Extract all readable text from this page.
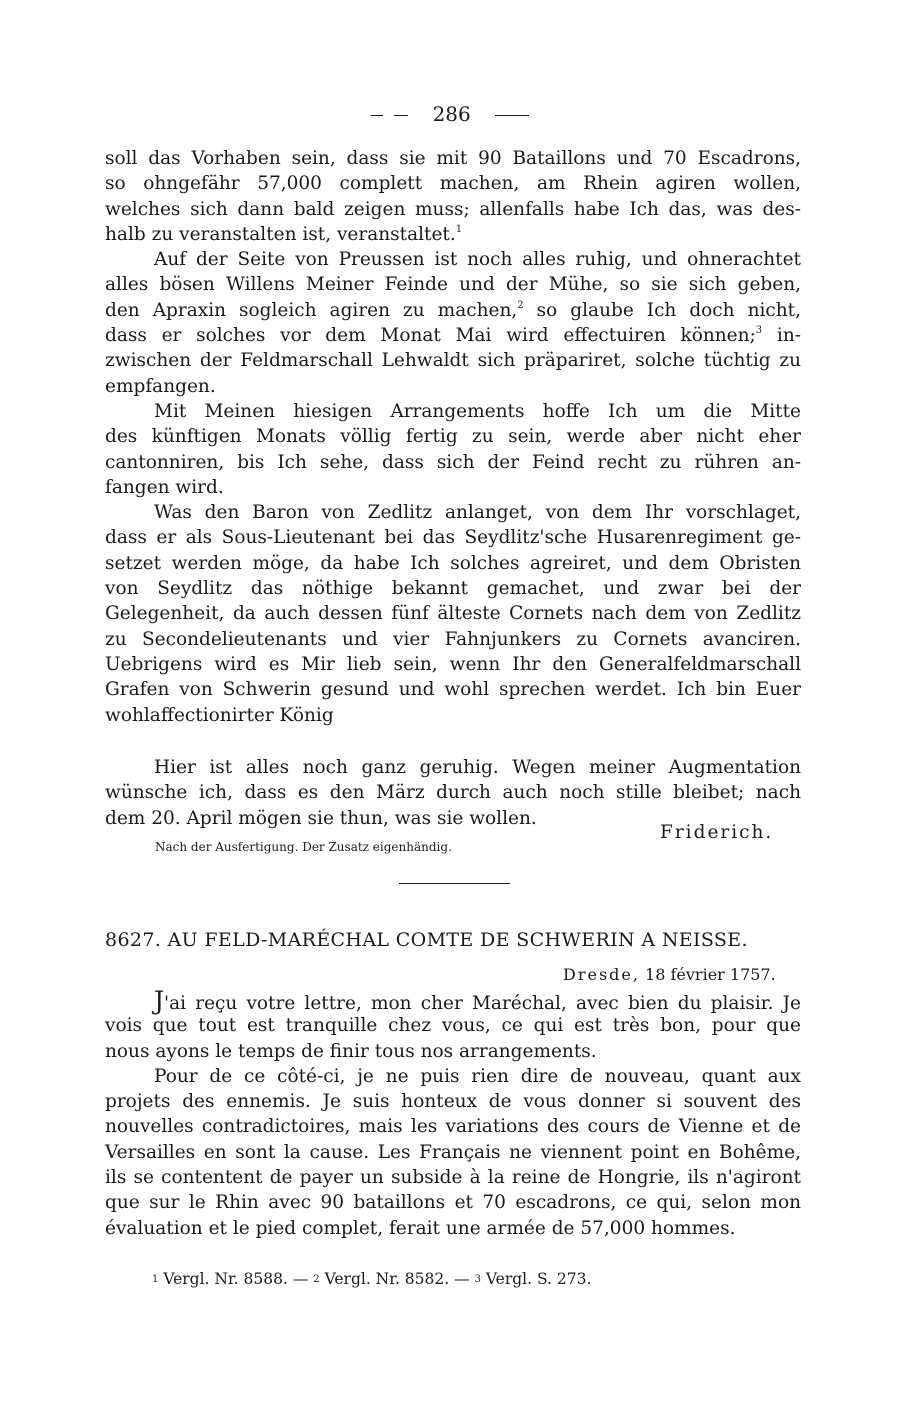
286
soll das Vorhaben sein, dass sie mit 90 Bataillons und 70 Escadrons,
so ohngefähr 57,000 complett machen, am Rhein agiren wollen,
welches sich dann bald zeigen muss; allenfalls habe Ich das, was des-
halb zu veranstalten ist, veranstaltet.$^1$
Auf der Seite von Preussen ist noch alles ruhig, und ohnerachtet
alles bösen Willens Meiner Feinde und der Mühe, so sie sich geben,
den Apraxin sogleich agiren zu machen,$^2$ so glaube Ich doch nicht,
dass er solches vor dem Monat Mai wird effectuiren können;$^3$ in-
zwischen der Feldmarschall Lehwaldt sich präpariret, solche tüchtig zu
empfangen.
Mit Meinen hiesigen Arrangements hoffe Ich um die Mitte
des künftigen Monats völlig fertig zu sein, werde aber nicht eher
cantonniren, bis Ich sehe, dass sich der Feind recht zu rühren an-
fangen wird.
Was den Baron von Zedlitz anlanget, von dem Ihr vorschlaget,
dass er als Sous-Lieutenant bei das Seydlitz'sche Husarenregiment ge-
setzet werden möge, da habe Ich solches agreiret, und dem Obristen
von Seydlitz das nöthige bekannt gemachet, und zwar bei der
Gelegenheit, da auch dessen fünf älteste Cornets nach dem von Zedlitz
zu Secondelieutenants und vier Fahnjunkers zu Cornets avanciren.
Uebrigens wird es Mir lieb sein, wenn Ihr den Generalfeldmarschall
Grafen von Schwerin gesund und wohl sprechen werdet. Ich bin Euer
wohlaffectionirter König
Hier ist alles noch ganz geruhig. Wegen meiner Augmentation
wünsche ich, dass es den März durch auch noch stille bleibet; nach
dem 20. April mögen sie thun, was sie wollen.
Friderich.
Nach der Ausfertigung. Der Zusatz eigenhändig.
8627. AU FELD-MARÉCHAL COMTE DE SCHWERIN A NEISSE.
Dresde, 18 février 1757.
J'ai reçu votre lettre, mon cher Maréchal, avec bien du plaisir. Je
vois que tout est tranquille chez vous, ce qui est très bon, pour que
nous ayons le temps de finir tous nos arrangements.
Pour de ce côté-ci, je ne puis rien dire de nouveau, quant aux
projets des ennemis. Je suis honteux de vous donner si souvent des
nouvelles contradictoires, mais les variations des cours de Vienne et de
Versailles en sont la cause. Les Français ne viennent point en Bohême,
ils se contentent de payer un subside à la reine de Hongrie, ils n'agiront
que sur le Rhin avec 90 bataillons et 70 escadrons, ce qui, selon mon
évaluation et le pied complet, ferait une armée de 57,000 hommes.
1 Vergl. Nr. 8588. — 2 Vergl. Nr. 8582. — 3 Vergl. S. 273.
